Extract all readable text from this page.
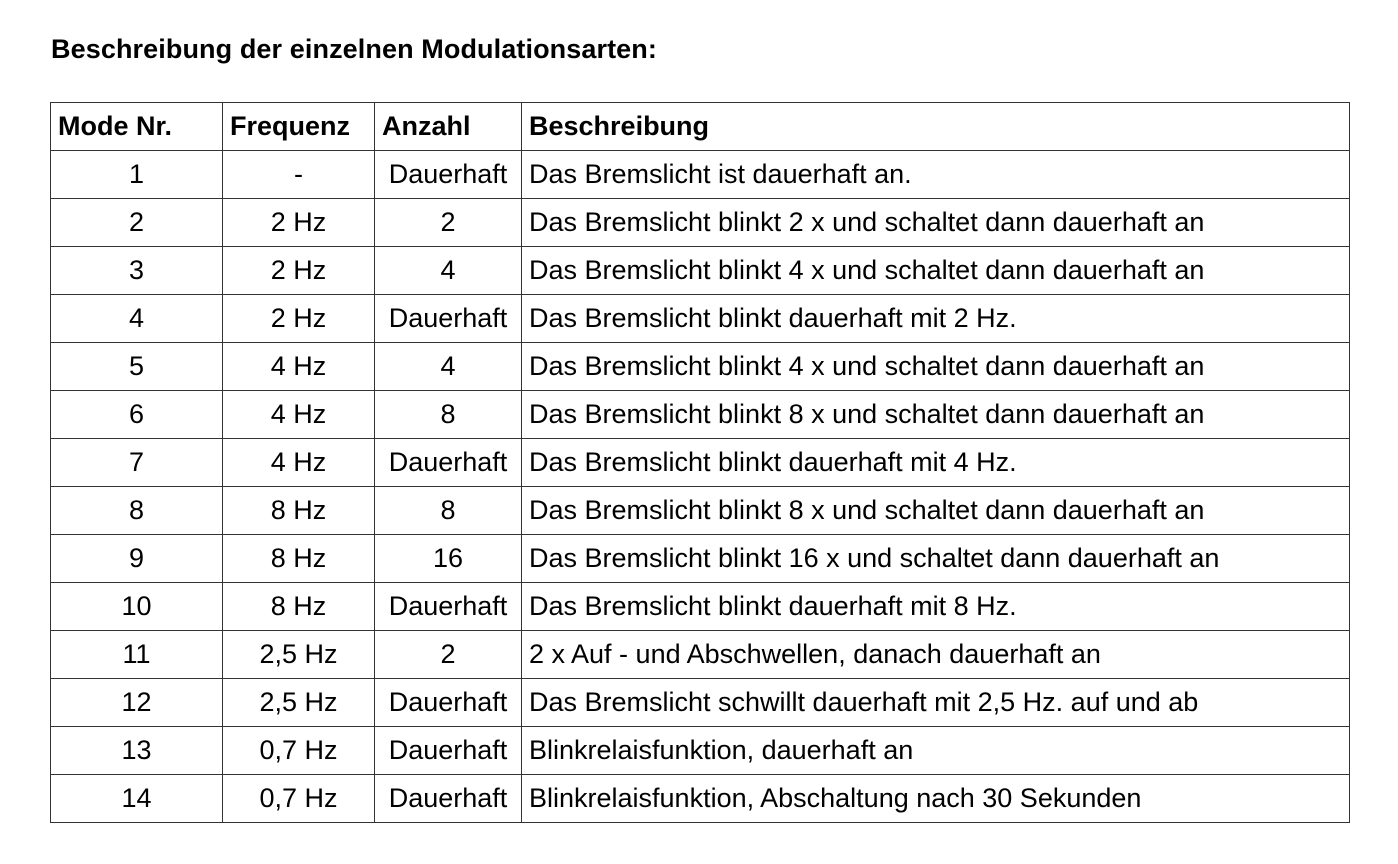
Beschreibung der einzelnen Modulationsarten:
Mode Nr.	Frequenz	Anzahl	Beschreibung
1	-	Dauerhaft	Das Bremslicht ist dauerhaft an.
2	2 Hz	2	Das Bremslicht blinkt 2 x und schaltet dann dauerhaft an
3	2 Hz	4	Das Bremslicht blinkt 4 x und schaltet dann dauerhaft an
4	2 Hz	Dauerhaft	Das Bremslicht blinkt dauerhaft mit 2 Hz.
5	4 Hz	4	Das Bremslicht blinkt 4 x und schaltet dann dauerhaft an
6	4 Hz	8	Das Bremslicht blinkt 8 x und schaltet dann dauerhaft an
7	4 Hz	Dauerhaft	Das Bremslicht blinkt dauerhaft mit 4 Hz.
8	8 Hz	8	Das Bremslicht blinkt 8 x und schaltet dann dauerhaft an
9	8 Hz	16	Das Bremslicht blinkt 16 x und schaltet dann dauerhaft an
10	8 Hz	Dauerhaft	Das Bremslicht blinkt dauerhaft mit 8 Hz.
11	2,5 Hz	2	2 x Auf - und Abschwellen, danach dauerhaft an
12	2,5 Hz	Dauerhaft	Das Bremslicht schwillt dauerhaft mit 2,5 Hz. auf und ab
13	0,7 Hz	Dauerhaft	Blinkrelaisfunktion, dauerhaft an
14	0,7 Hz	Dauerhaft	Blinkrelaisfunktion, Abschaltung nach 30 Sekunden
